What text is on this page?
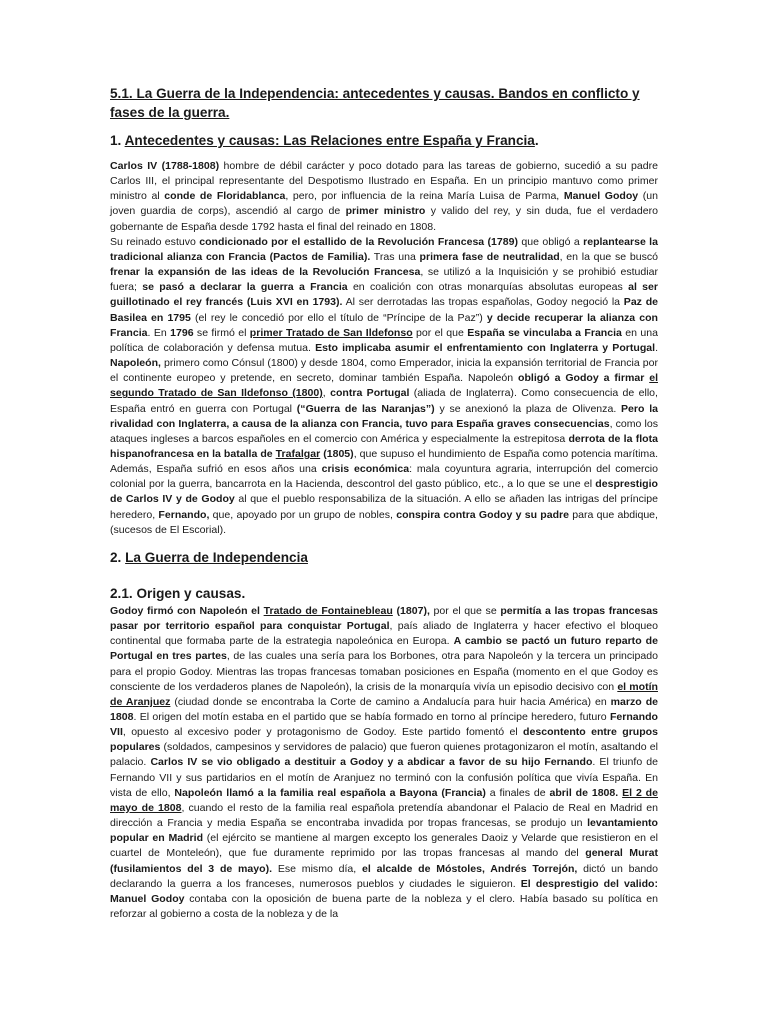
5.1. La Guerra de la Independencia: antecedentes y causas. Bandos en conflicto y fases de la guerra.
1. Antecedentes y causas: Las Relaciones entre España y Francia.

Carlos IV (1788-1808) hombre de débil carácter y poco dotado para las tareas de gobierno, sucedió a su padre Carlos III, el principal representante del Despotismo Ilustrado en España. En un principio mantuvo como primer ministro al conde de Floridablanca, pero, por influencia de la reina María Luisa de Parma, Manuel Godoy (un joven guardia de corps), ascendió al cargo de primer ministro y valido del rey, y sin duda, fue el verdadero gobernante de España desde 1792 hasta el final del reinado en 1808.

Su reinado estuvo condicionado por el estallido de la Revolución Francesa (1789) que obligó a replantearse la tradicional alianza con Francia (Pactos de Familia). Tras una primera fase de neutralidad, en la que se buscó frenar la expansión de las ideas de la Revolución Francesa, se utilizó a la Inquisición y se prohibió estudiar fuera; se pasó a declarar la guerra a Francia en coalición con otras monarquías absolutas europeas al ser guillotinado el rey francés (Luis XVI en 1793). Al ser derrotadas las tropas españolas, Godoy negoció la Paz de Basilea en 1795 (el rey le concedió por ello el título de “Príncipe de la Paz”) y decide recuperar la alianza con Francia. En 1796 se firmó el primer Tratado de San Ildefonso por el que España se vinculaba a Francia en una política de colaboración y defensa mutua. Esto implicaba asumir el enfrentamiento con Inglaterra y Portugal. Napoleón, primero como Cónsul (1800) y desde 1804, como Emperador, inicia la expansión territorial de Francia por el continente europeo y pretende, en secreto, dominar también España. Napoleón obligó a Godoy a firmar el segundo Tratado de San Ildefonso (1800), contra Portugal (aliada de Inglaterra). Como consecuencia de ello, España entró en guerra con Portugal (“Guerra de las Naranjas”) y se anexionó la plaza de Olivenza. Pero la rivalidad con Inglaterra, a causa de la alianza con Francia, tuvo para España graves consecuencias, como los ataques ingleses a barcos españoles en el comercio con América y especialmente la estrepitosa derrota de la flota hispanofrancesa en la batalla de Trafalgar (1805), que supuso el hundimiento de España como potencia marítima. Además, España sufrió en esos años una crisis económica: mala coyuntura agraria, interrupción del comercio colonial por la guerra, bancarrota en la Hacienda, descontrol del gasto público, etc., a lo que se une el desprestigio de Carlos IV y de Godoy al que el pueblo responsabiliza de la situación. A ello se añaden las intrigas del príncipe heredero, Fernando, que, apoyado por un grupo de nobles, conspira contra Godoy y su padre para que abdique, (sucesos de El Escorial).

2. La Guerra de Independencia
2.1. Origen y causas.

Godoy firmó con Napoleón el Tratado de Fontainebleau (1807), por el que se permitía a las tropas francesas pasar por territorio español para conquistar Portugal, país aliado de Inglaterra y hacer efectivo el bloqueo continental que formaba parte de la estrategia napoleónica en Europa. A cambio se pactó un futuro reparto de Portugal en tres partes, de las cuales una sería para los Borbones, otra para Napoleón y la tercera un principado para el propio Godoy. Mientras las tropas francesas tomaban posiciones en España (momento en el que Godoy es consciente de los verdaderos planes de Napoleón), la crisis de la monarquía vivía un episodio decisivo con el motín de Aranjuez (ciudad donde se encontraba la Corte de camino a Andalucía para huir hacia América) en marzo de 1808. El origen del motín estaba en el partido que se había formado en torno al príncipe heredero, futuro Fernando VII, opuesto al excesivo poder y protagonismo de Godoy. Este partido fomentó el descontento entre grupos populares (soldados, campesinos y servidores de palacio) que fueron quienes protagonizaron el motín, asaltando el palacio. Carlos IV se vio obligado a destituir a Godoy y a abdicar a favor de su hijo Fernando. El triunfo de Fernando VII y sus partidarios en el motín de Aranjuez no terminó con la confusión política que vivía España. En vista de ello, Napoleón llamó a la familia real española a Bayona (Francia) a finales de abril de 1808. El 2 de mayo de 1808, cuando el resto de la familia real española pretendía abandonar el Palacio de Real en Madrid en dirección a Francia y media España se encontraba invadida por tropas francesas, se produjo un levantamiento popular en Madrid (el ejército se mantiene al margen excepto los generales Daoiz y Velarde que resistieron en el cuartel de Monteleón), que fue duramente reprimido por las tropas francesas al mando del general Murat (fusilamientos del 3 de mayo). Ese mismo día, el alcalde de Móstoles, Andrés Torrejón, dictó un bando declarando la guerra a los franceses, numerosos pueblos y ciudades le siguieron. El desprestigio del valido: Manuel Godoy contaba con la oposición de buena parte de la nobleza y el clero. Había basado su política en reforzar al gobierno a costa de la nobleza y de la
